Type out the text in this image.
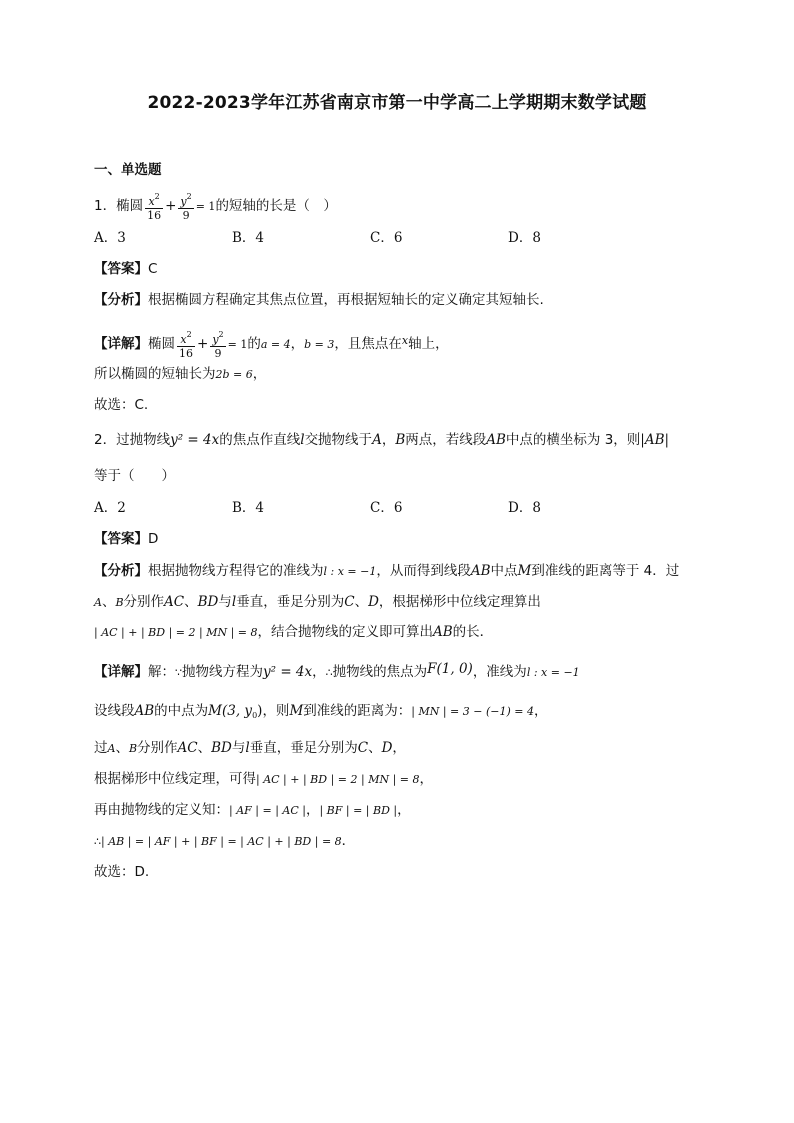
2022-2023学年江苏省南京市第一中学高二上学期期末数学试题
一、单选题
1．椭圆 $\frac{x^2}{16} + \frac{y^2}{9} = 1$的短轴的长是（　）
A．3	B．4	C．6	D．8
【答案】C
【分析】根据椭圆方程确定其焦点位置，再根据短轴长的定义确定其短轴长.
【详解】椭圆 $\frac{x^2}{16} + \frac{y^2}{9} = 1$的a = 4，b = 3，且焦点在$^x$轴上，
所以椭圆的短轴长为2b = 6，
故选：C.
2．过抛物线y² = 4x的焦点作直线l交抛物线于A，B两点，若线段AB中点的横坐标为 3，则|AB|
等于（　　）
A．2	B．4	C．6	D．8
【答案】D
【分析】根据抛物线方程得它的准线为l : x = −1，从而得到线段AB中点M到准线的距离等于 4．过
A、B分别作AC、BD与l垂直，垂足分别为C、D，根据梯形中位线定理算出
| AC | + | BD | = 2 | MN | = 8，结合抛物线的定义即可算出AB的长．
【详解】解：∵抛物线方程为y² = 4x，∴抛物线的焦点为F(1, 0)，准线为l : x = −1
设线段AB的中点为M(3, $y_0$)，则M到准线的距离为：| MN | = 3 − (−1) = 4，
过A、B分别作AC、BD与l垂直，垂足分别为C、D，
根据梯形中位线定理，可得| AC | + | BD | = 2 | MN | = 8，
再由抛物线的定义知：| AF | = | AC |，| BF | = | BD |，
∴| AB | = | AF | + | BF | = | AC | + | BD | = 8．
故选：D.
